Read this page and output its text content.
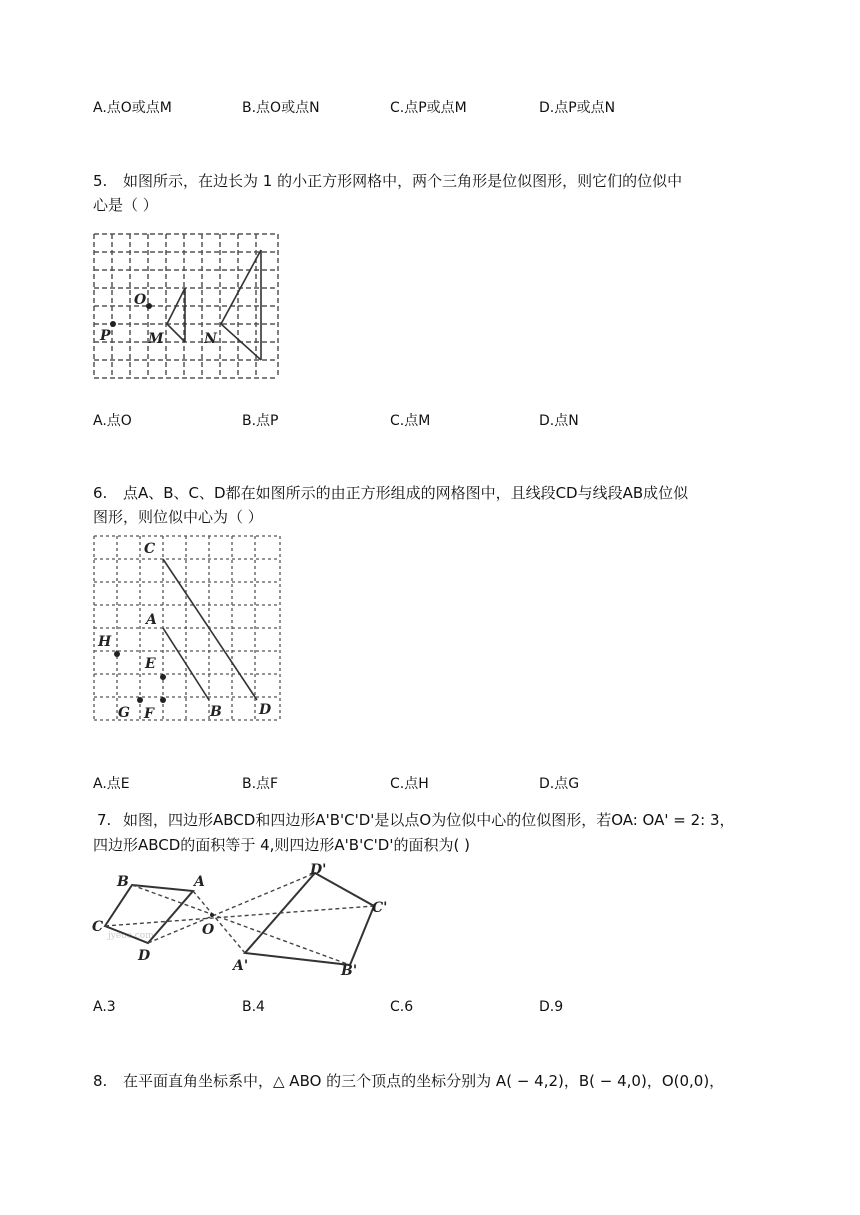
A.点O或点M	B.点O或点N	C.点P或点M	D.点P或点N
5. 如图所示，在边长为 1 的小正方形网格中，两个三角形是位似图形，则它们的位似中
心是（ ）
O
P	M	N
A.点O	B.点P	C.点M	D.点N
6. 点A、B、C、D都在如图所示的由正方形组成的网格图中，且线段CD与线段AB成位似
图形，则位似中心为（ ）
C
A
H
E
G F	B	D
A.点E	B.点F	C.点H	D.点G
7. 如图，四边形ABCD和四边形A'B'C'D'是以点O为位似中心的位似图形，若OA: OA' = 2: 3，
四边形ABCD的面积等于 4,则四边形A'B'C'D'的面积为( )
jyeoo.com
B	A
C	O
D
D'
C'
A'	B'
A.3	B.4	C.6	D.9
8. 在平面直角坐标系中，△ ABO 的三个顶点的坐标分别为 A( − 4,2)，B( − 4,0)，O(0,0)，
